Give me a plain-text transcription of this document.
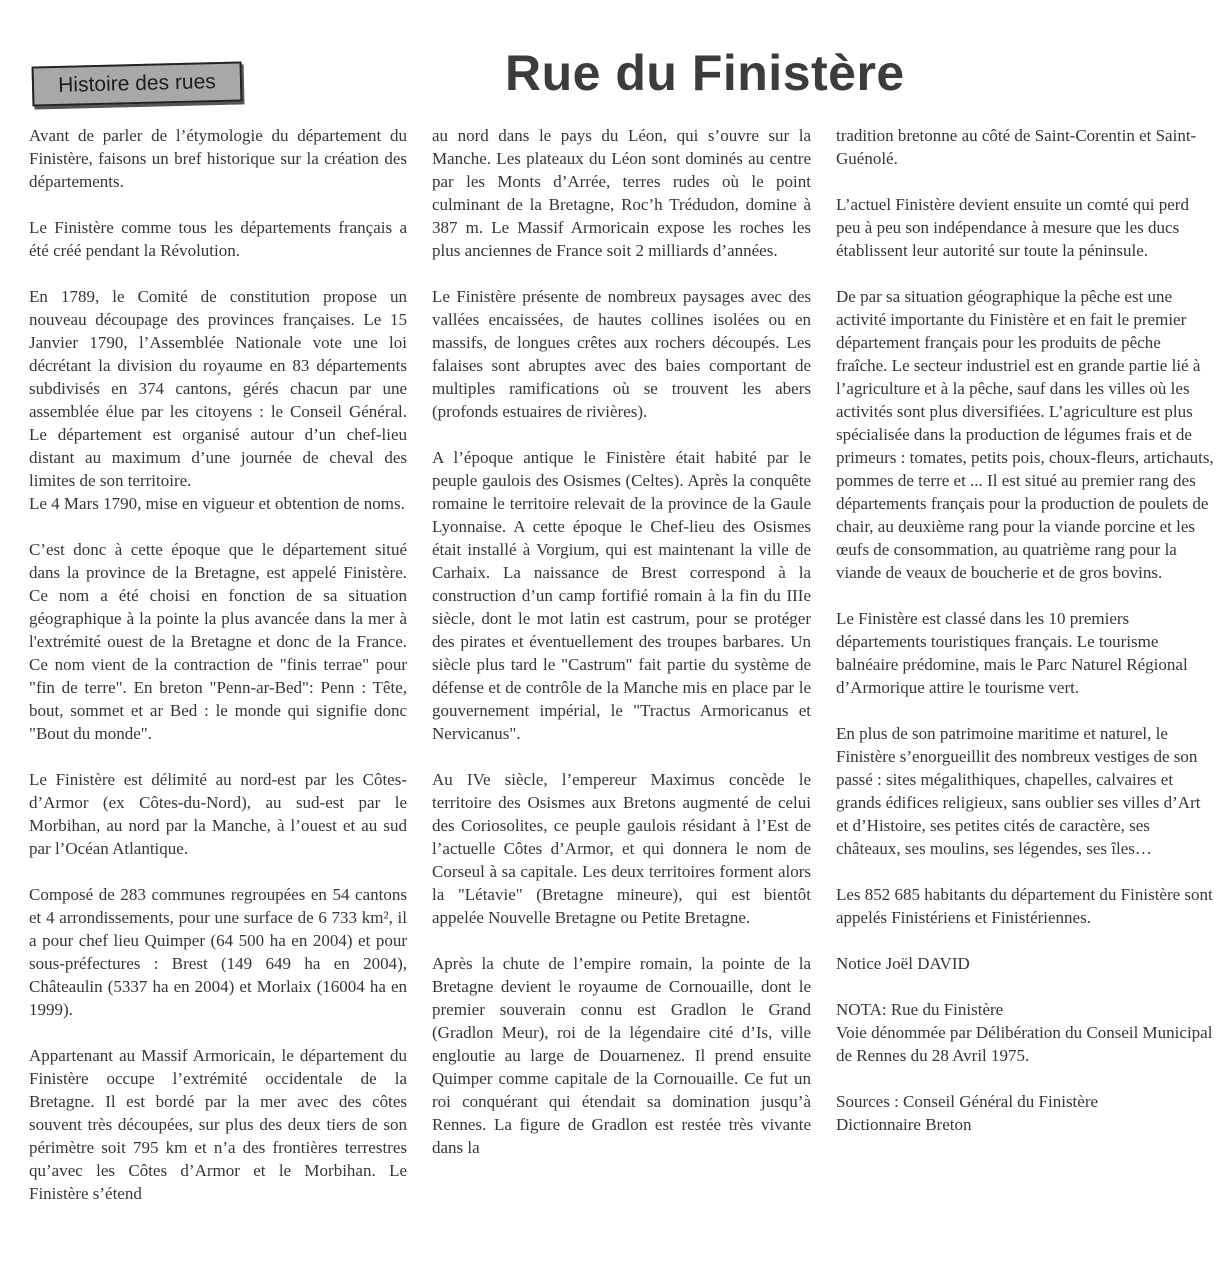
Histoire des rues	Rue du Finistère

Avant de parler de l’étymologie du département du Finistère, faisons un bref historique sur la création des départements.

Le Finistère comme tous les départements français a été créé pendant la Révolution.

En 1789, le Comité de constitution propose un nouveau découpage des provinces françaises. Le 15 Janvier 1790, l’Assemblée Nationale vote une loi décrétant la division du royaume en 83 départements subdivisés en 374 cantons, gérés chacun par une assemblée élue par les citoyens : le Conseil Général. Le département est organisé autour d’un chef-lieu distant au maximum d’une journée de cheval des limites de son territoire.

Le 4 Mars 1790, mise en vigueur et obtention de noms.

C’est donc à cette époque que le département situé dans la province de la Bretagne, est appelé Finistère. Ce nom a été choisi en fonction de sa situation géographique à la pointe la plus avancée dans la mer à l'extrémité ouest de la Bretagne et donc de la France. Ce nom vient de la contraction de "finis terrae" pour "fin de terre". En breton "Penn-ar-Bed": Penn : Tête, bout, sommet et ar Bed : le monde qui signifie donc "Bout du monde".

Le Finistère est délimité au nord-est par les Côtes-d’Armor (ex Côtes-du-Nord), au sud-est par le Morbihan, au nord par la Manche, à l’ouest et au sud par l’Océan Atlantique.

Composé de 283 communes regroupées en 54 cantons et 4 arrondissements, pour une surface de 6 733 km², il a pour chef lieu Quimper (64 500 ha en 2004) et pour sous-préfectures : Brest (149 649 ha en 2004), Châteaulin (5337 ha en 2004) et Morlaix (16004 ha en 1999).

Appartenant au Massif Armoricain, le département du Finistère occupe l’extrémité occidentale de la Bretagne. Il est bordé par la mer avec des côtes souvent très découpées, sur plus des deux tiers de son périmètre soit 795 km et n’a des frontières terrestres qu’avec les Côtes d’Armor et le Morbihan. Le Finistère s’étend

au nord dans le pays du Léon, qui s’ouvre sur la Manche. Les plateaux du Léon sont dominés au centre par les Monts d’Arrée, terres rudes où le point culminant de la Bretagne, Roc’h Trédudon, domine à 387 m. Le Massif Armoricain expose les roches les plus anciennes de France soit 2 milliards d’années.

Le Finistère présente de nombreux paysages avec des vallées encaissées, de hautes collines isolées ou en massifs, de longues crêtes aux rochers découpés. Les falaises sont abruptes avec des baies comportant de multiples ramifications où se trouvent les abers (profonds estuaires de rivières).

A l’époque antique le Finistère était habité par le peuple gaulois des Osismes (Celtes). Après la conquête romaine le territoire relevait de la province de la Gaule Lyonnaise. A cette époque le Chef-lieu des Osismes était installé à Vorgium, qui est maintenant la ville de Carhaix. La naissance de Brest correspond à la construction d’un camp fortifié romain à la fin du IIIe siècle, dont le mot latin est castrum, pour se protéger des pirates et éventuellement des troupes barbares. Un siècle plus tard le "Castrum" fait partie du système de défense et de contrôle de la Manche mis en place par le gouvernement impérial, le "Tractus Armoricanus et Nervicanus".

Au IVe siècle, l’empereur Maximus concède le territoire des Osismes aux Bretons augmenté de celui des Coriosolites, ce peuple gaulois résidant à l’Est de l’actuelle Côtes d’Armor, et qui donnera le nom de Corseul à sa capitale. Les deux territoires forment alors la "Létavie" (Bretagne mineure), qui est bientôt appelée Nouvelle Bretagne ou Petite Bretagne.

Après la chute de l’empire romain, la pointe de la Bretagne devient le royaume de Cornouaille, dont le premier souverain connu est Gradlon le Grand (Gradlon Meur), roi de la légendaire cité d’Is, ville engloutie au large de Douarnenez. Il prend ensuite Quimper comme capitale de la Cornouaille. Ce fut un roi conquérant qui étendait sa domination jusqu’à Rennes. La figure de Gradlon est restée très vivante dans la

tradition bretonne au côté de Saint-Corentin et Saint-Guénolé.

L’actuel Finistère devient ensuite un comté qui perd peu à peu son indépendance à mesure que les ducs établissent leur autorité sur toute la péninsule.

De par sa situation géographique la pêche est une activité importante du Finistère et en fait le premier département français pour les produits de pêche fraîche. Le secteur industriel est en grande partie lié à l’agriculture et à la pêche, sauf dans les villes où les activités sont plus diversifiées. L’agriculture est plus spécialisée dans la production de légumes frais et de primeurs : tomates, petits pois, choux-fleurs, artichauts, pommes de terre et ... Il est situé au premier rang des départements français pour la production de poulets de chair, au deuxième rang pour la viande porcine et les œufs de consommation, au quatrième rang pour la viande de veaux de boucherie et de gros bovins.

Le Finistère est classé dans les 10 premiers départements touristiques français. Le tourisme balnéaire prédomine, mais le Parc Naturel Régional d’Armorique attire le tourisme vert.

En plus de son patrimoine maritime et naturel, le Finistère s’enorgueillit des nombreux vestiges de son passé : sites mégalithiques, chapelles, calvaires et grands édifices religieux, sans oublier ses villes d’Art et d’Histoire, ses petites cités de caractère, ses châteaux, ses moulins, ses légendes, ses îles…

Les 852 685 habitants du département du Finistère sont appelés Finistériens et Finistériennes.

Notice Joël DAVID

NOTA: Rue du Finistère

Voie dénommée par Délibération du Conseil Municipal de Rennes du 28 Avril 1975.

Sources : Conseil Général du Finistère

Dictionnaire Breton
